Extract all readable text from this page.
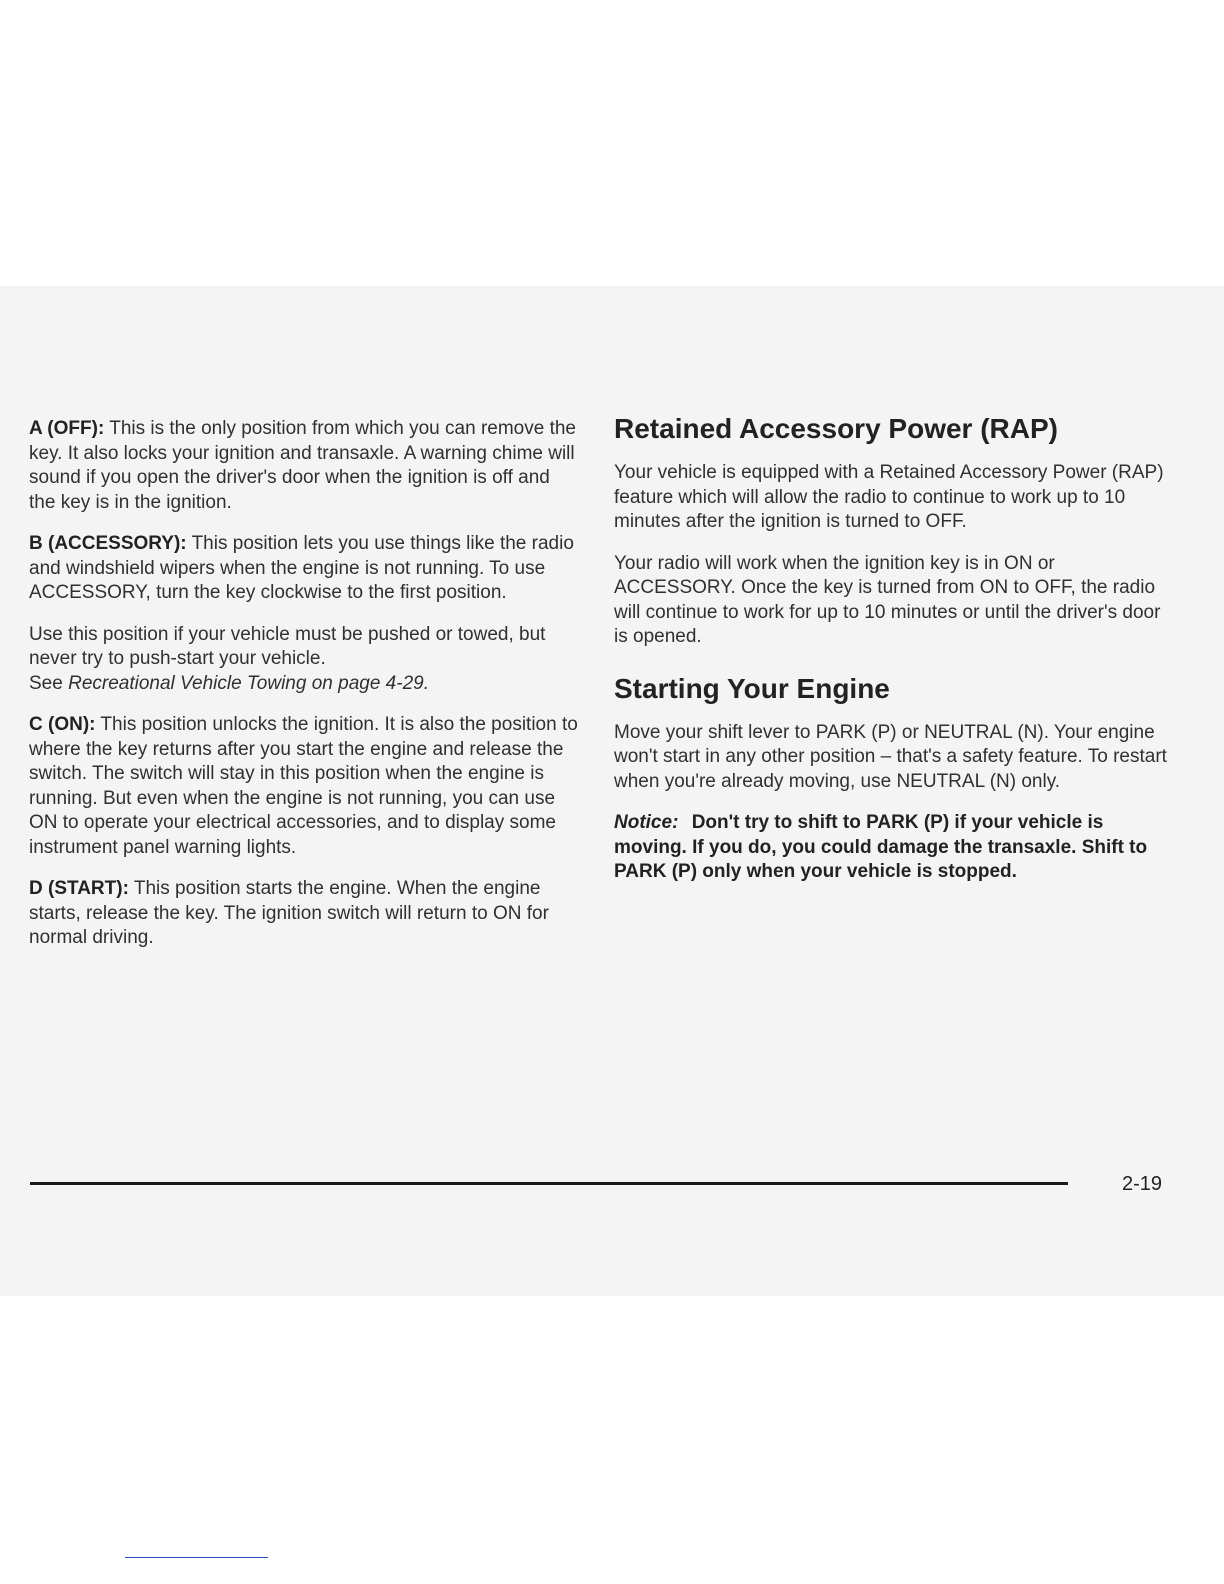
A (OFF): This is the only position from which you can remove the key. It also locks your ignition and transaxle. A warning chime will sound if you open the driver's door when the ignition is off and the key is in the ignition.

B (ACCESSORY): This position lets you use things like the radio and windshield wipers when the engine is not running. To use ACCESSORY, turn the key clockwise to the first position.

Use this position if your vehicle must be pushed or towed, but never try to push-start your vehicle.
See Recreational Vehicle Towing on page 4-29.

C (ON): This position unlocks the ignition. It is also the position to where the key returns after you start the engine and release the switch. The switch will stay in this position when the engine is running. But even when the engine is not running, you can use ON to operate your electrical accessories, and to display some instrument panel warning lights.

D (START): This position starts the engine. When the engine starts, release the key. The ignition switch will return to ON for normal driving.

Retained Accessory Power (RAP)

Your vehicle is equipped with a Retained Accessory Power (RAP) feature which will allow the radio to continue to work up to 10 minutes after the ignition is turned to OFF.

Your radio will work when the ignition key is in ON or ACCESSORY. Once the key is turned from ON to OFF, the radio will continue to work for up to 10 minutes or until the driver's door is opened.

Starting Your Engine

Move your shift lever to PARK (P) or NEUTRAL (N). Your engine won't start in any other position – that's a safety feature. To restart when you're already moving, use NEUTRAL (N) only.

Notice: Don't try to shift to PARK (P) if your vehicle is moving. If you do, you could damage the transaxle. Shift to PARK (P) only when your vehicle is stopped.

2-19
